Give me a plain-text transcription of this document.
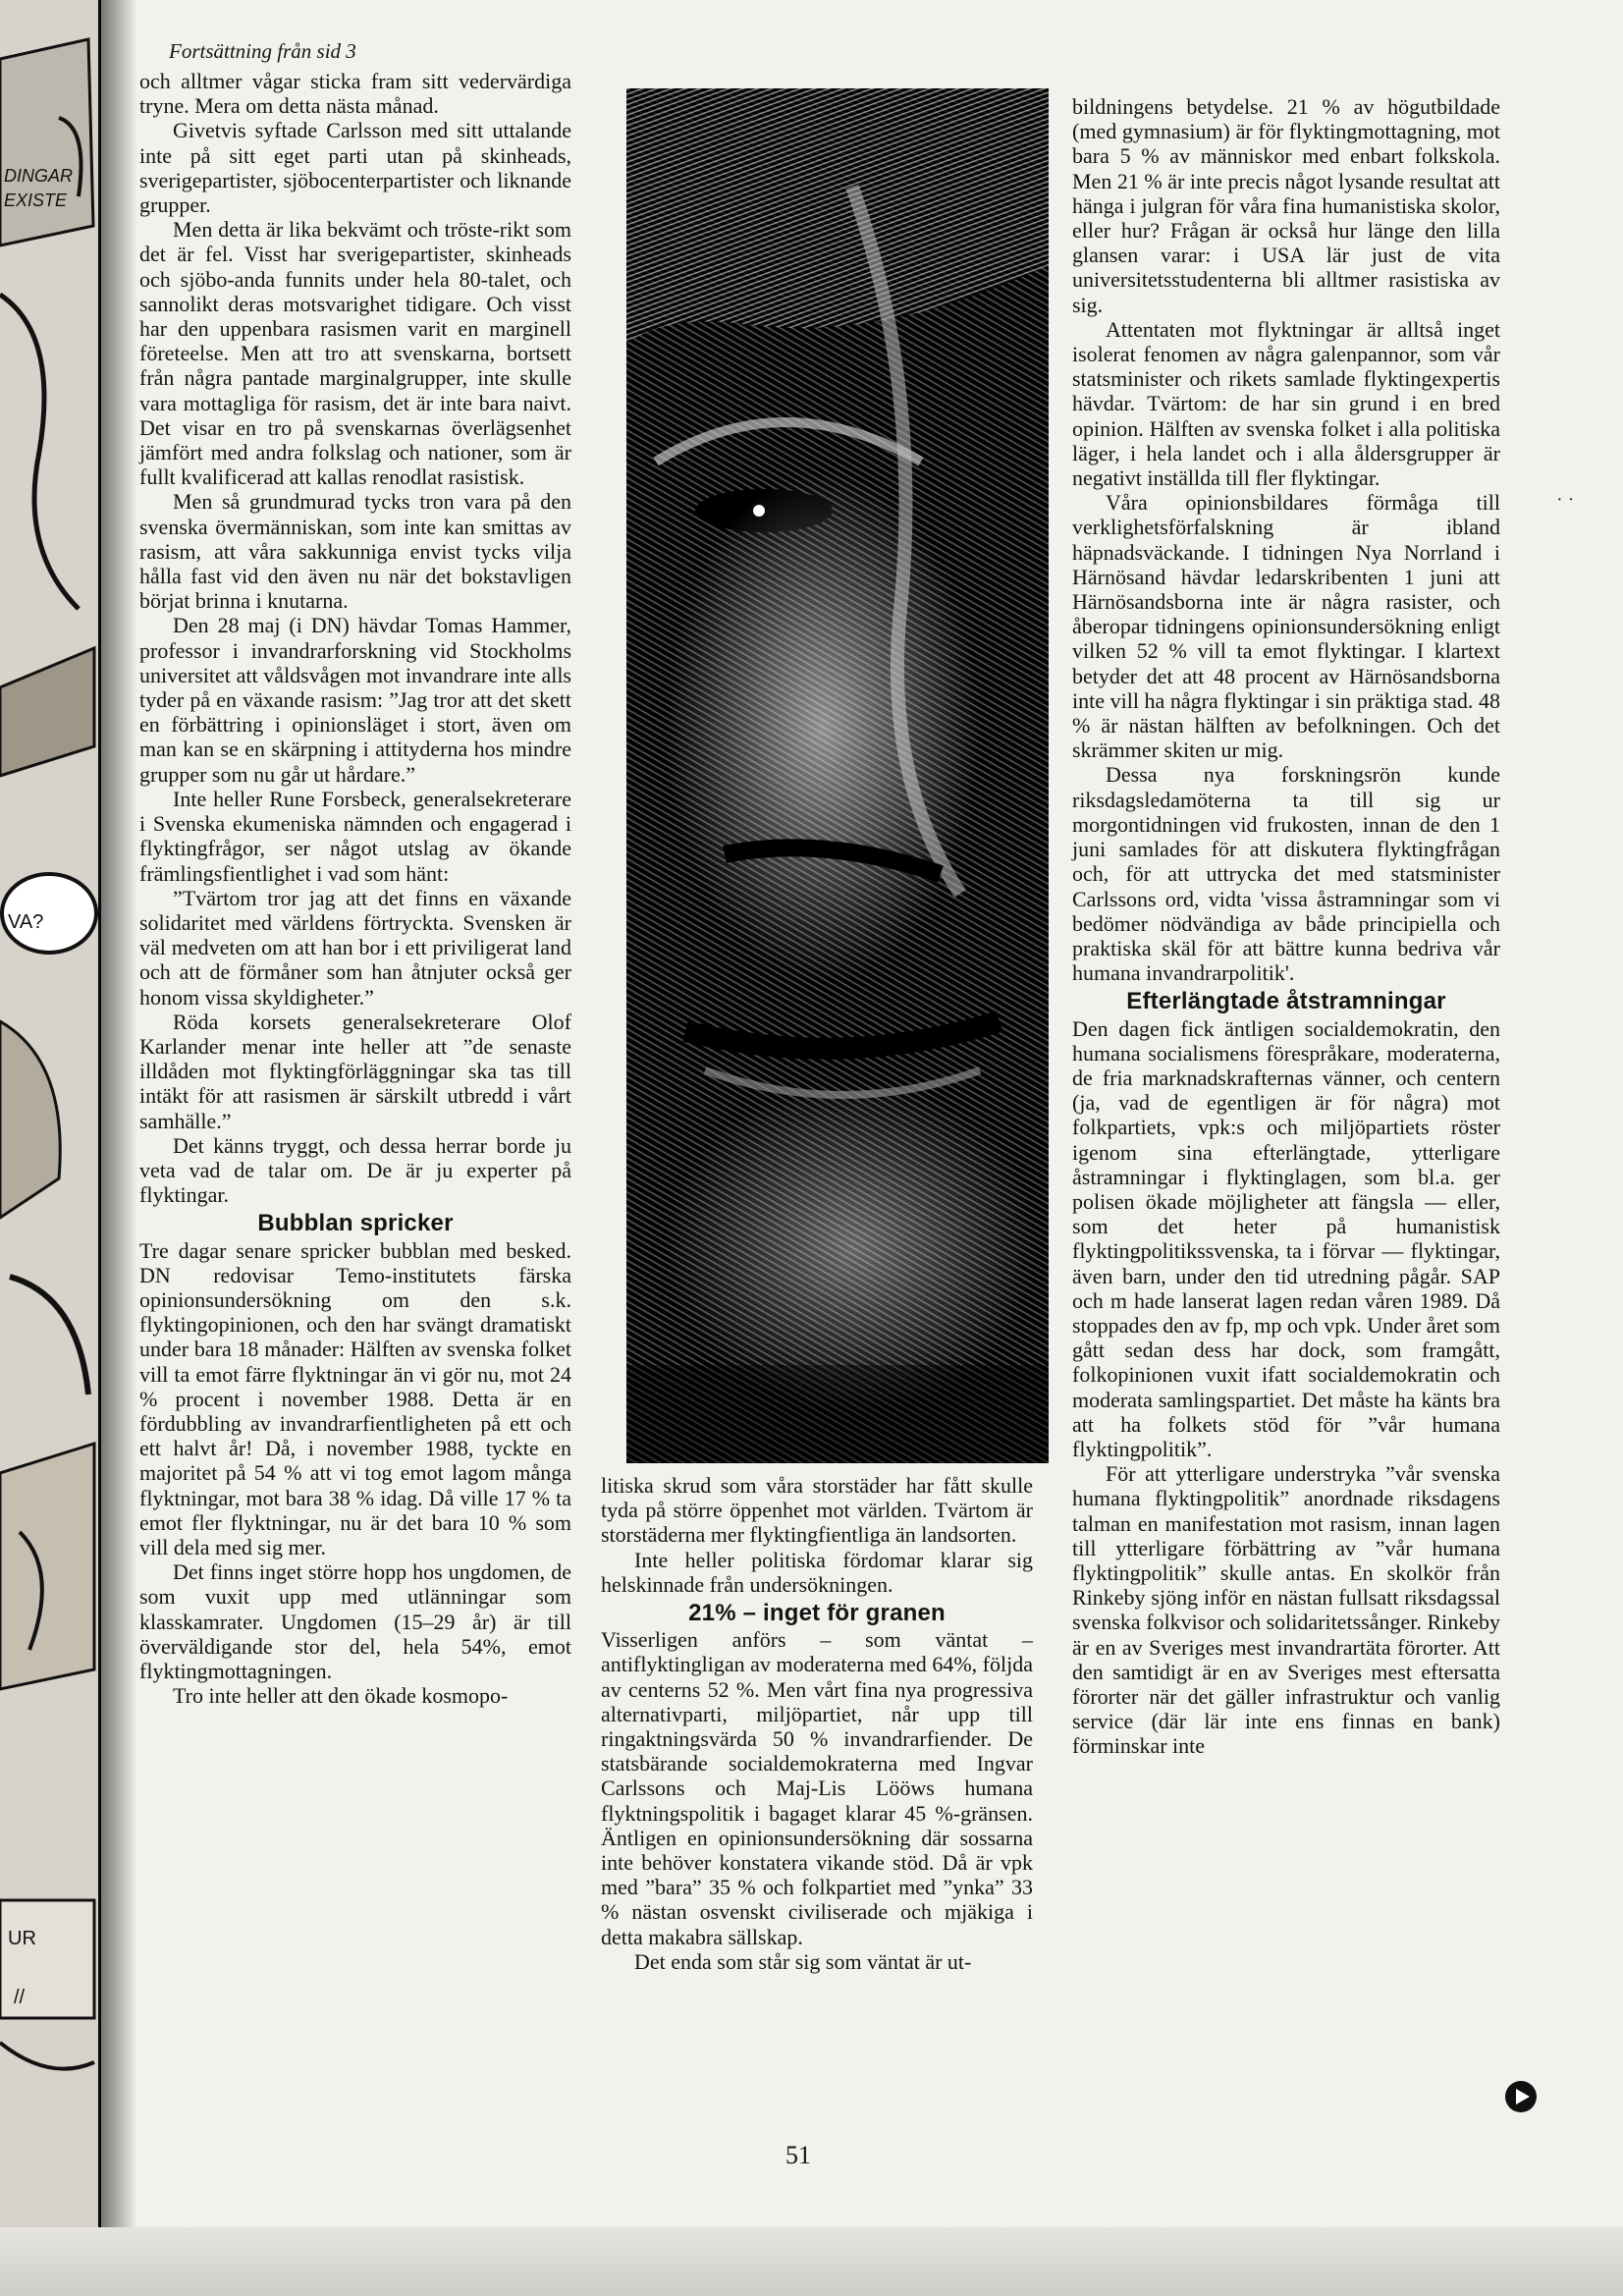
DINGAR
EXISTE
VA?
UR
//
Fortsättning från sid 3

och alltmer vågar sticka fram sitt vedervärdiga tryne. Mera om detta nästa månad.

Givetvis syftade Carlsson med sitt uttalande inte på sitt eget parti utan på skinheads, sverigepartister, sjöbocenterpartister och liknande grupper.

Men detta är lika bekvämt och tröste-rikt som det är fel. Visst har sverigepartister, skinheads och sjöbo-anda funnits under hela 80-talet, och sannolikt deras motsvarighet tidigare. Och visst har den uppenbara rasismen varit en marginell företeelse. Men att tro att svenskarna, bortsett från några pantade marginalgrupper, inte skulle vara mottagliga för rasism, det är inte bara naivt. Det visar en tro på svenskarnas överlägsenhet jämfört med andra folkslag och nationer, som är fullt kvalificerad att kallas renodlat rasistisk.

Men så grundmurad tycks tron vara på den svenska övermänniskan, som inte kan smittas av rasism, att våra sakkunniga envist tycks vilja hålla fast vid den även nu när det bokstavligen börjat brinna i knutarna.

Den 28 maj (i DN) hävdar Tomas Hammer, professor i invandrarforskning vid Stockholms universitet att våldsvågen mot invandrare inte alls tyder på en växande rasism: ”Jag tror att det skett en förbättring i opinionsläget i stort, även om man kan se en skärpning i attityderna hos mindre grupper som nu går ut hårdare.”

Inte heller Rune Forsbeck, generalsekreterare i Svenska ekumeniska nämnden och engagerad i flyktingfrågor, ser något utslag av ökande främlingsfientlighet i vad som hänt:

”Tvärtom tror jag att det finns en växande solidaritet med världens förtryckta. Svensken är väl medveten om att han bor i ett priviligerat land och att de förmåner som han åtnjuter också ger honom vissa skyldigheter.”

Röda korsets generalsekreterare Olof Karlander menar inte heller att ”de senaste illdåden mot flyktingförläggningar ska tas till intäkt för att rasismen är särskilt utbredd i vårt samhälle.”

Det känns tryggt, och dessa herrar borde ju veta vad de talar om. De är ju experter på flyktingar.

Bubblan spricker

Tre dagar senare spricker bubblan med besked. DN redovisar Temo-institutets färska opinionsundersökning om den s.k. flyktingopinionen, och den har svängt dramatiskt under bara 18 månader: Hälften av svenska folket vill ta emot färre flyktningar än vi gör nu, mot 24 % procent i november 1988. Detta är en fördubbling av invandrarfientligheten på ett och ett halvt år! Då, i november 1988, tyckte en majoritet på 54 % att vi tog emot lagom många flyktningar, mot bara 38 % idag. Då ville 17 % ta emot fler flyktningar, nu är det bara 10 % som vill dela med sig mer.

Det finns inget större hopp hos ungdomen, de som vuxit upp med utlänningar som klasskamrater. Ungdomen (15–29 år) är till överväldigande stor del, hela 54%, emot flyktingmottagningen.

Tro inte heller att den ökade kosmopo-

litiska skrud som våra storstäder har fått skulle tyda på större öppenhet mot världen. Tvärtom är storstäderna mer flyktingfientliga än landsorten.

Inte heller politiska fördomar klarar sig helskinnade från undersökningen.

21% – inget för granen

Visserligen anförs – som väntat – antiflyktingligan av moderaterna med 64%, följda av centerns 52 %. Men vårt fina nya progressiva alternativparti, miljöpartiet, når upp till ringaktningsvärda 50 % invandrarfiender. De statsbärande socialdemokraterna med Ingvar Carlssons och Maj-Lis Lööws humana flyktningspolitik i bagaget klarar 45 %-gränsen. Äntligen en opinionsundersökning där sossarna inte behöver konstatera vikande stöd. Då är vpk med ”bara” 35 % och folkpartiet med ”ynka” 33 % nästan osvenskt civiliserade och mjäkiga i detta makabra sällskap.

Det enda som står sig som väntat är ut-

bildningens betydelse. 21 % av högutbildade (med gymnasium) är för flyktingmottagning, mot bara 5 % av människor med enbart folkskola. Men 21 % är inte precis något lysande resultat att hänga i julgran för våra fina humanistiska skolor, eller hur? Frågan är också hur länge den lilla glansen varar: i USA lär just de vita universitetsstudenterna bli alltmer rasistiska av sig.

Attentaten mot flyktningar är alltså inget isolerat fenomen av några galenpannor, som vår statsminister och rikets samlade flyktingexpertis hävdar. Tvärtom: de har sin grund i en bred opinion. Hälften av svenska folket i alla politiska läger, i hela landet och i alla åldersgrupper är negativt inställda till fler flyktingar.

Våra opinionsbildares förmåga till verklighetsförfalskning är ibland häpnadsväckande. I tidningen Nya Norrland i Härnösand hävdar ledarskribenten 1 juni att Härnösandsborna inte är några rasister, och åberopar tidningens opinionsundersökning enligt vilken 52 % vill ta emot flyktingar. I klartext betyder det att 48 procent av Härnösandsborna inte vill ha några flyktingar i sin präktiga stad. 48 % är nästan hälften av befolkningen. Och det skrämmer skiten ur mig.

Dessa nya forskningsrön kunde riksdagsledamöterna ta till sig ur morgontidningen vid frukosten, innan de den 1 juni samlades för att diskutera flyktingfrågan och, för att uttrycka det med statsminister Carlssons ord, vidta 'vissa åstramningar som vi bedömer nödvändiga av både principiella och praktiska skäl för att bättre kunna bedriva vår humana invandrarpolitik'.

Efterlängtade åtstramningar

Den dagen fick äntligen socialdemokratin, den humana socialismens förespråkare, moderaterna, de fria marknadskrafternas vänner, och centern (ja, vad de egentligen är för några) mot folkpartiets, vpk:s och miljöpartiets röster igenom sina efterlängtade, ytterligare åstramningar i flyktinglagen, som bl.a. ger polisen ökade möjligheter att fängsla — eller, som det heter på humanistisk flyktingpolitikssvenska, ta i förvar — flyktingar, även barn, under den tid utredning pågår. SAP och m hade lanserat lagen redan våren 1989. Då stoppades den av fp, mp och vpk. Under året som gått sedan dess har dock, som framgått, folkopinionen vuxit ifatt socialdemokratin och moderata samlingspartiet. Det måste ha känts bra att ha folkets stöd för ”vår humana flyktingpolitik”.

För att ytterligare understryka ”vår svenska humana flyktingpolitik” anordnade riksdagens talman en manifestation mot rasism, innan lagen till ytterligare förbättring av ”vår humana flyktingpolitik” skulle antas. En skolkör från Rinkeby sjöng inför en nästan fullsatt riksdagssal svenska folkvisor och solidaritetssånger. Rinkeby är en av Sveriges mest invandrartäta förorter. Att den samtidigt är en av Sveriges mest eftersatta förorter när det gäller infrastruktur och vanlig service (där lär inte ens finnas en bank) förminskar inte

51
· ·
